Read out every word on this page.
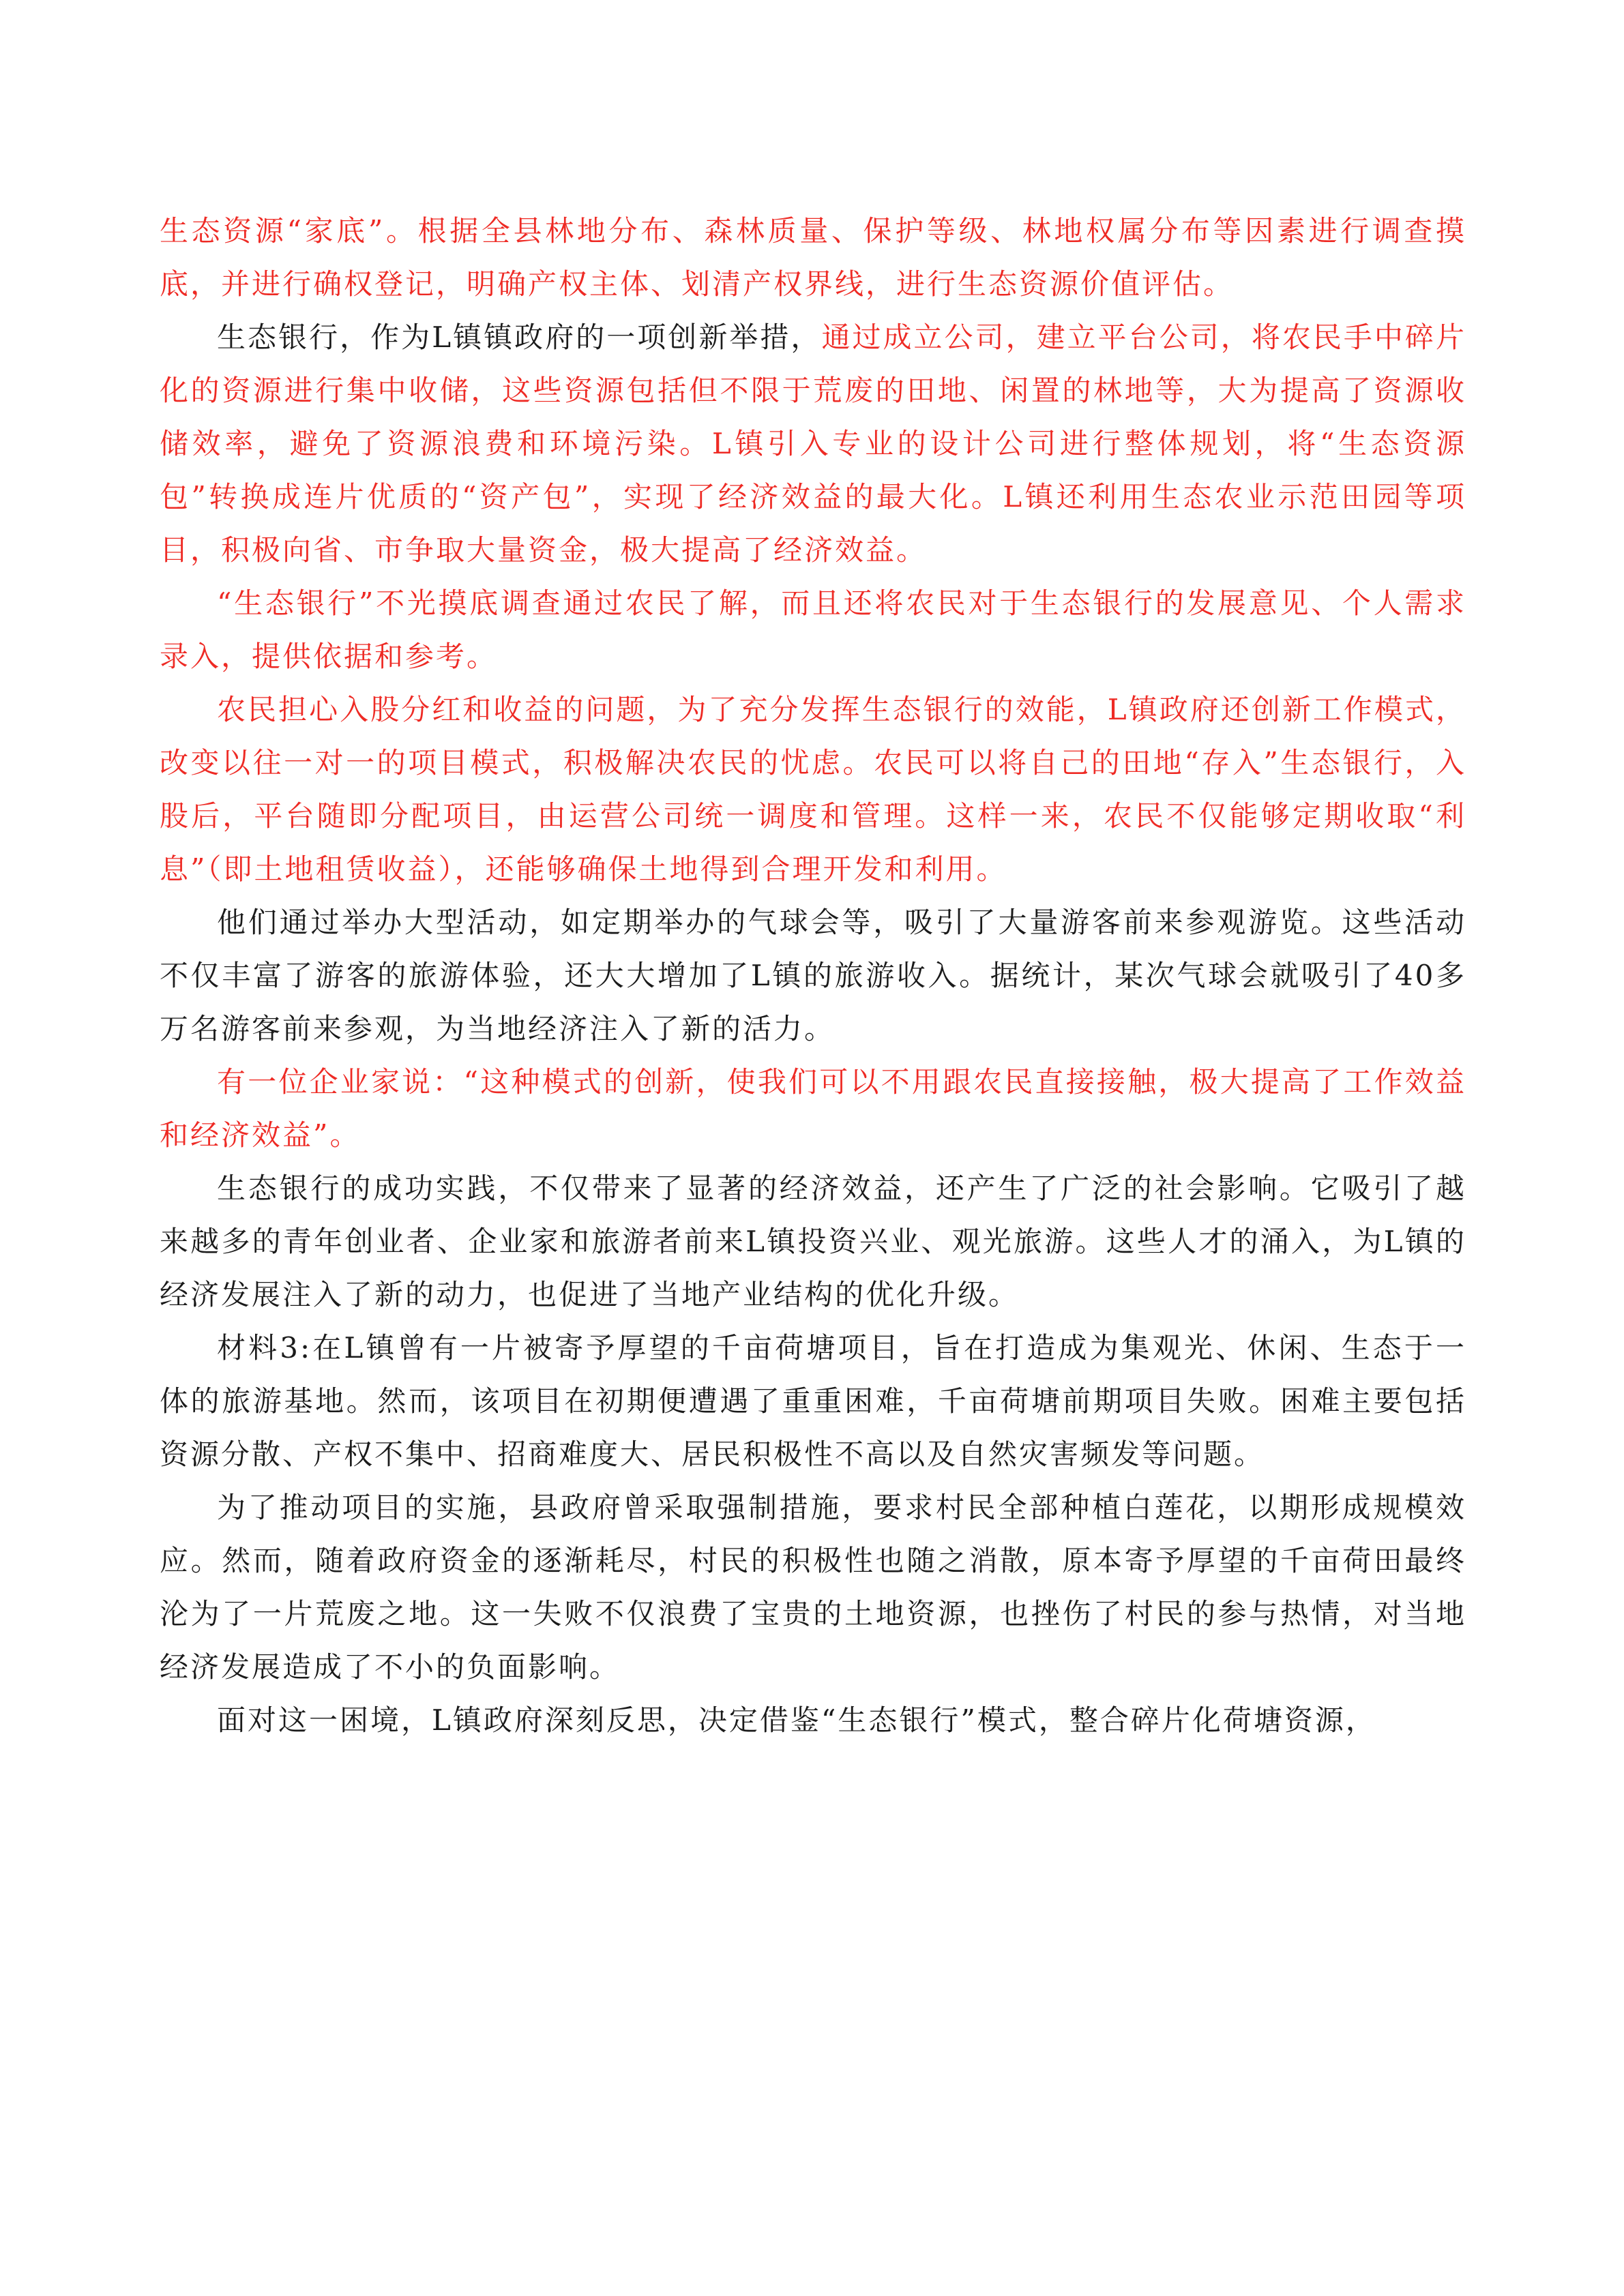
生态资源“家底”。根据全县林地分布、森林质量、保护等级、林地权属分布等因素进行调查摸底，并进行确权登记，明确产权主体、划清产权界线，进行生态资源价值评估。

生态银行，作为L镇镇政府的一项创新举措，通过成立公司，建立平台公司，将农民手中碎片化的资源进行集中收储，这些资源包括但不限于荒废的田地、闲置的林地等，大为提高了资源收储效率，避免了资源浪费和环境污染。L镇引入专业的设计公司进行整体规划，将“生态资源包”转换成连片优质的“资产包”，实现了经济效益的最大化。L镇还利用生态农业示范田园等项目，积极向省、市争取大量资金，极大提高了经济效益。

“生态银行”不光摸底调查通过农民了解，而且还将农民对于生态银行的发展意见、个人需求录入，提供依据和参考。

农民担心入股分红和收益的问题，为了充分发挥生态银行的效能，L镇政府还创新工作模式，改变以往一对一的项目模式，积极解决农民的忧虑。农民可以将自己的田地“存入”生态银行，入股后，平台随即分配项目，由运营公司统一调度和管理。这样一来，农民不仅能够定期收取“利息”（即土地租赁收益），还能够确保土地得到合理开发和利用。

他们通过举办大型活动，如定期举办的气球会等，吸引了大量游客前来参观游览。这些活动不仅丰富了游客的旅游体验，还大大增加了L镇的旅游收入。据统计，某次气球会就吸引了40多万名游客前来参观，为当地经济注入了新的活力。

有一位企业家说：“这种模式的创新，使我们可以不用跟农民直接接触，极大提高了工作效益和经济效益”。

生态银行的成功实践，不仅带来了显著的经济效益，还产生了广泛的社会影响。它吸引了越来越多的青年创业者、企业家和旅游者前来L镇投资兴业、观光旅游。这些人才的涌入，为L镇的经济发展注入了新的动力，也促进了当地产业结构的优化升级。

材料3:在L镇曾有一片被寄予厚望的千亩荷塘项目，旨在打造成为集观光、休闲、生态于一体的旅游基地。然而，该项目在初期便遭遇了重重困难，千亩荷塘前期项目失败。困难主要包括资源分散、产权不集中、招商难度大、居民积极性不高以及自然灾害频发等问题。

为了推动项目的实施，县政府曾采取强制措施，要求村民全部种植白莲花，以期形成规模效应。然而，随着政府资金的逐渐耗尽，村民的积极性也随之消散，原本寄予厚望的千亩荷田最终沦为了一片荒废之地。这一失败不仅浪费了宝贵的土地资源，也挫伤了村民的参与热情，对当地经济发展造成了不小的负面影响。

面对这一困境，L镇政府深刻反思，决定借鉴“生态银行”模式，整合碎片化荷塘资源，
